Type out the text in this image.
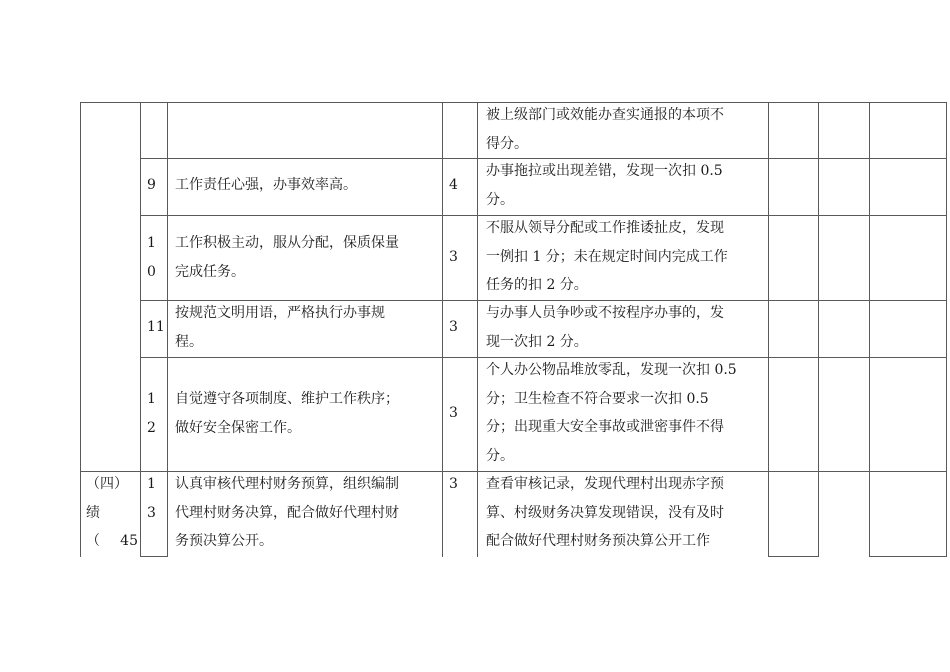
被上级部门或效能办查实通报的本项不
得分。
9 工作责任心强，办事效率高。	4
办事拖拉或出现差错，发现一次扣 0.5
分。
1
0
工作积极主动，服从分配，保质保量
完成任务。
3
不服从领导分配或工作推诿扯皮，发现
一例扣 1 分；未在规定时间内完成工作
任务的扣 2 分。
11
按规范文明用语，严格执行办事规
程。
3
与办事人员争吵或不按程序办事的，发
现一次扣 2 分。
1
2
自觉遵守各项制度、维护工作秩序；
做好安全保密工作。
3
个人办公物品堆放零乱，发现一次扣 0.5
分；卫生检查不符合要求一次扣 0.5
分；出现重大安全事故或泄密事件不得
分。
（四）
绩
（ 45
1
3
认真审核代理村财务预算，组织编制
代理村财务决算，配合做好代理村财
务预决算公开。
3 查看审核记录，发现代理村出现赤字预
算、村级财务决算发现错误，没有及时
配合做好代理村财务预决算公开工作
